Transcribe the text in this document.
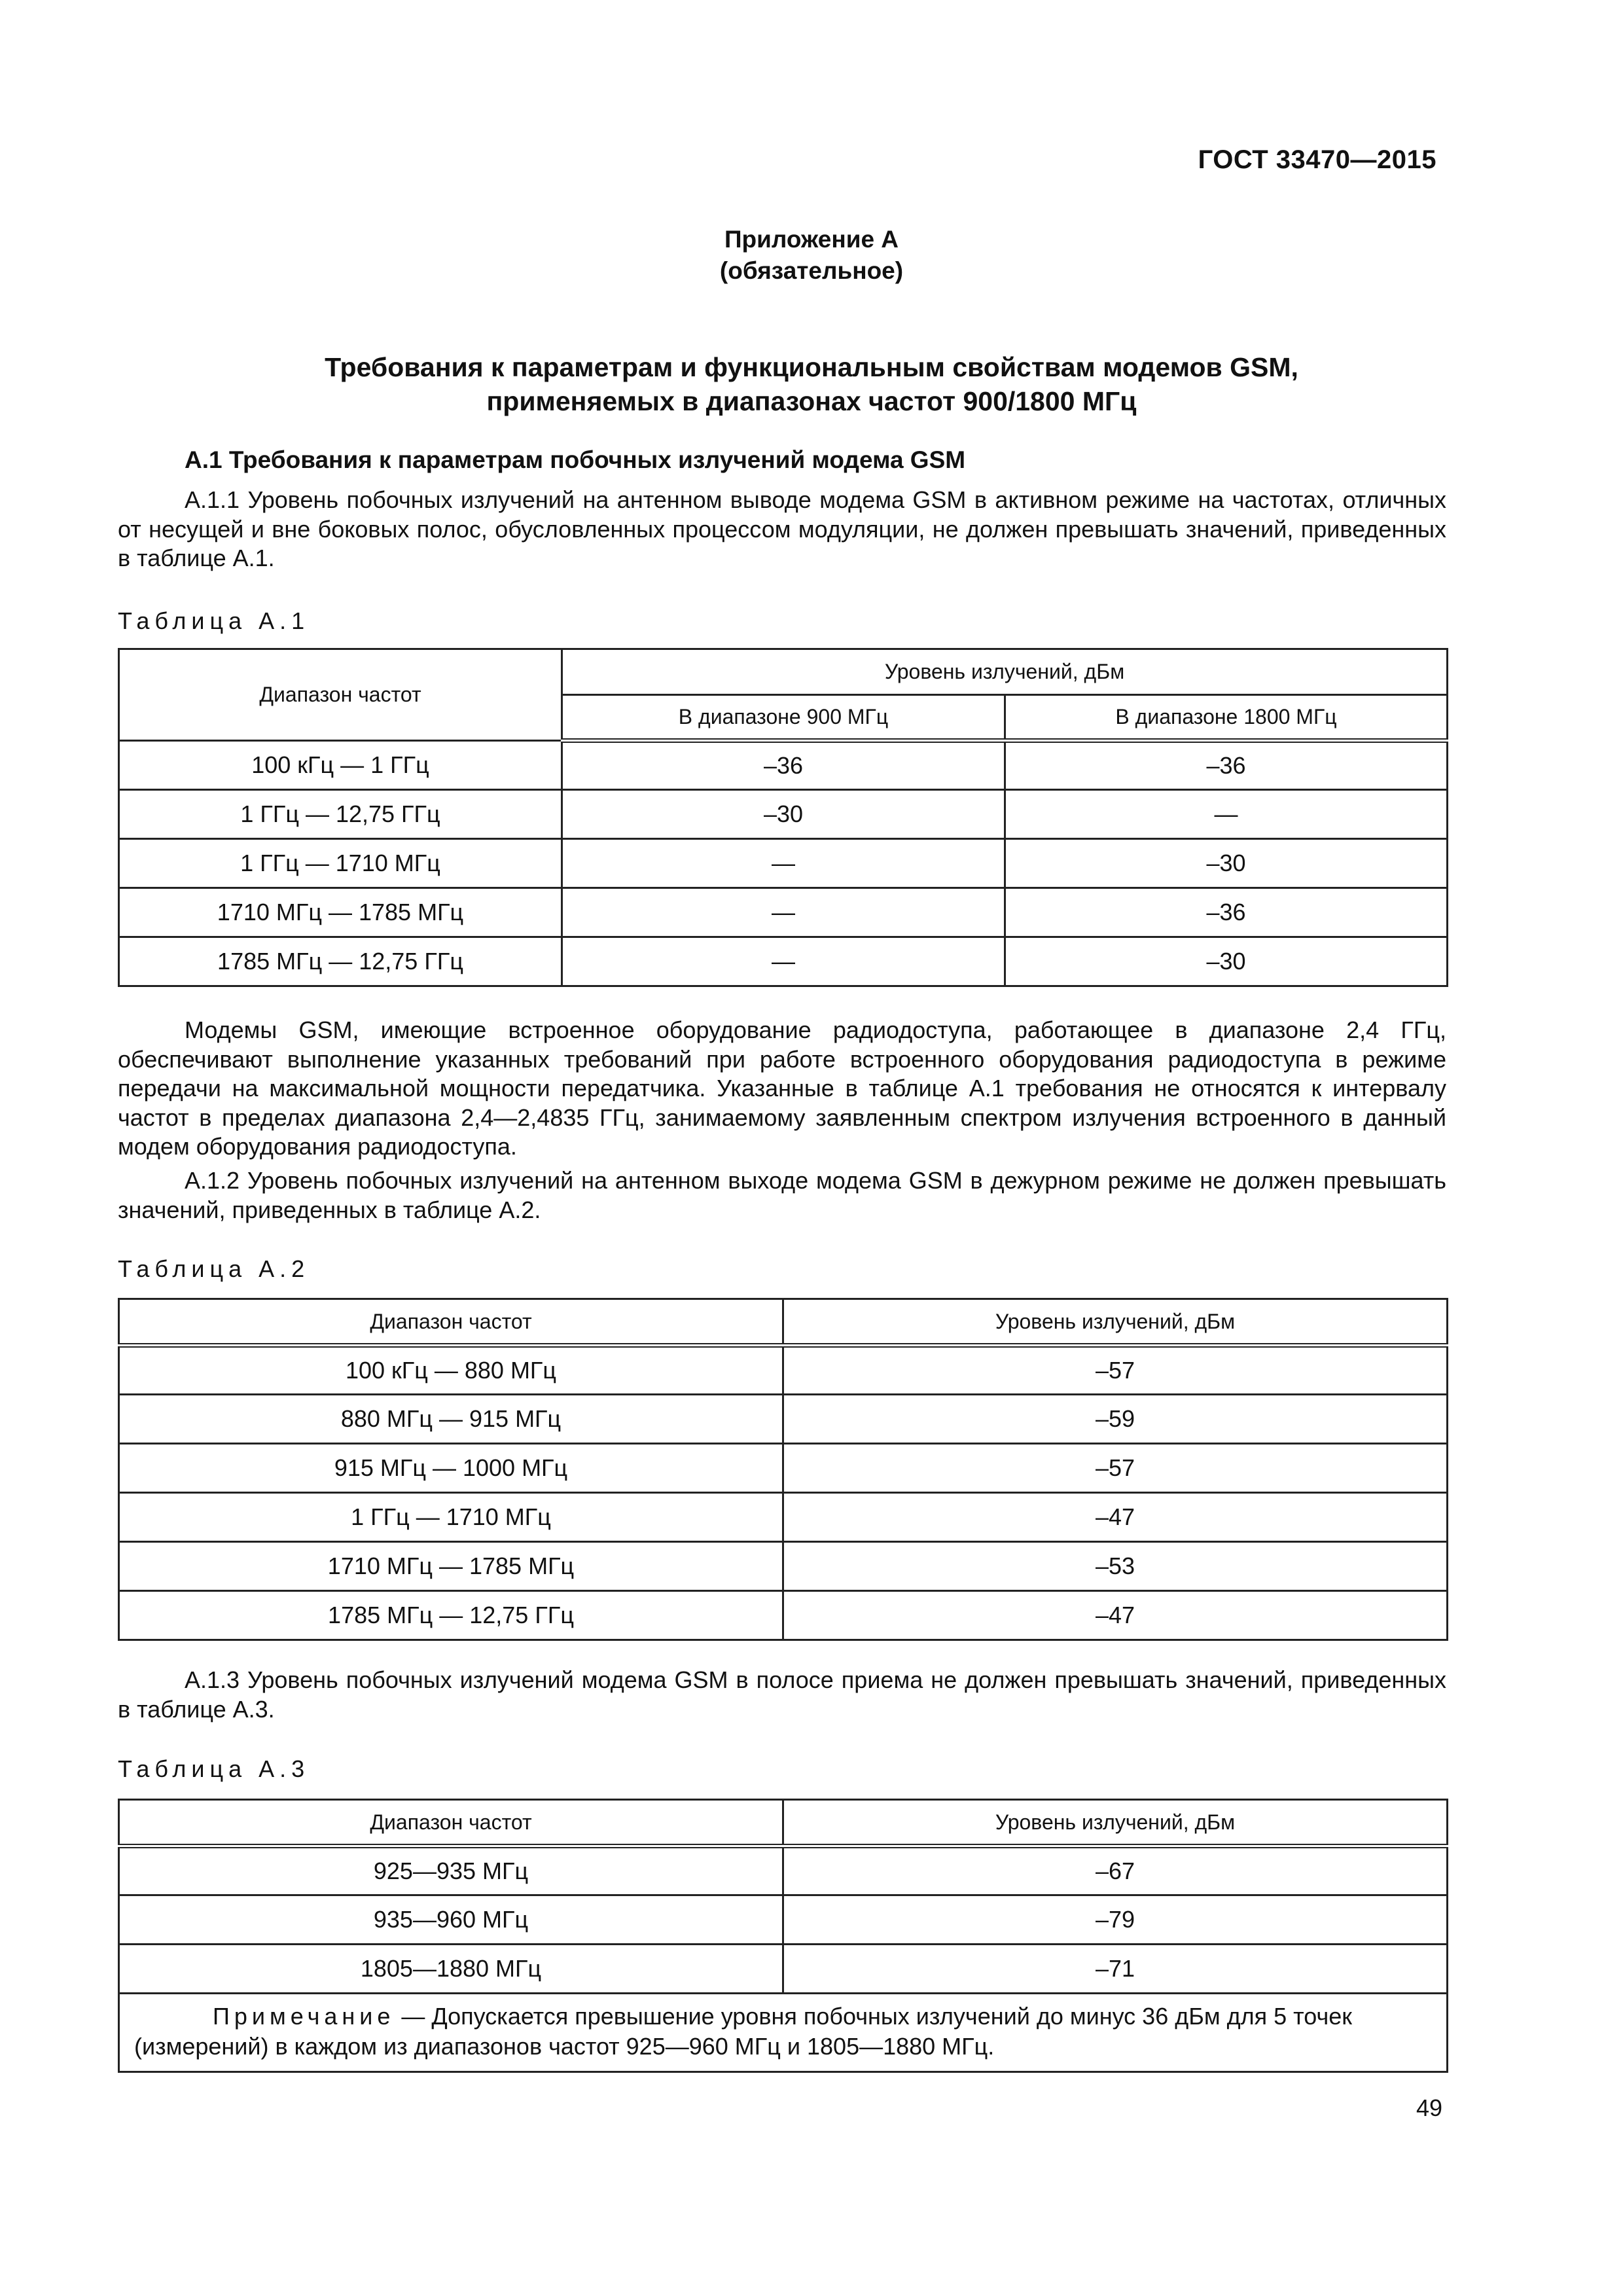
ГОСТ 33470—2015
Приложение А
(обязательное)
Требования к параметрам и функциональным свойствам модемов GSM,
применяемых в диапазонах частот 900/1800 МГц
А.1 Требования к параметрам побочных излучений модема GSM
А.1.1 Уровень побочных излучений на антенном выводе модема GSM в активном режиме на частотах, отличных от несущей и вне боковых полос, обусловленных процессом модуляции, не должен превышать значений, приведенных в таблице А.1.
Таблица А.1
Диапазон частот	Уровень излучений, дБм	
	В диапазоне 900 МГц	В диапазоне 1800 МГц
100 кГц — 1 ГГц	–36	–36
1 ГГц — 12,75 ГГц	–30	—
1 ГГц — 1710 МГц	—	–30
1710 МГц — 1785 МГц	—	–36
1785 МГц — 12,75 ГГц	—	–30
Модемы GSM, имеющие встроенное оборудование радиодоступа, работающее в диапазоне 2,4 ГГц, обеспечивают выполнение указанных требований при работе встроенного оборудования радиодоступа в режиме передачи на максимальной мощности передатчика. Указанные в таблице А.1 требования не относятся к интервалу частот в пределах диапазона 2,4—2,4835 ГГц, занимаемому заявленным спектром излучения встроенного в данный модем оборудования радиодоступа.
А.1.2 Уровень побочных излучений на антенном выходе модема GSM в дежурном режиме не должен превышать значений, приведенных в таблице А.2.
Таблица А.2
Диапазон частот	Уровень излучений, дБм
100 кГц — 880 МГц	–57
880 МГц — 915 МГц	–59
915 МГц — 1000 МГц	–57
1 ГГц — 1710 МГц	–47
1710 МГц — 1785 МГц	–53
1785 МГц — 12,75 ГГц	–47
А.1.3 Уровень побочных излучений модема GSM в полосе приема не должен превышать значений, приведенных в таблице А.3.
Таблица А.3
Диапазон частот	Уровень излучений, дБм
925—935 МГц	–67
935—960 МГц	–79
1805—1880 МГц	–71
Примечание — Допускается превышение уровня побочных излучений до минус 36 дБм для 5 точек (измерений) в каждом из диапазонов частот 925—960 МГц и 1805—1880 МГц.	
49
